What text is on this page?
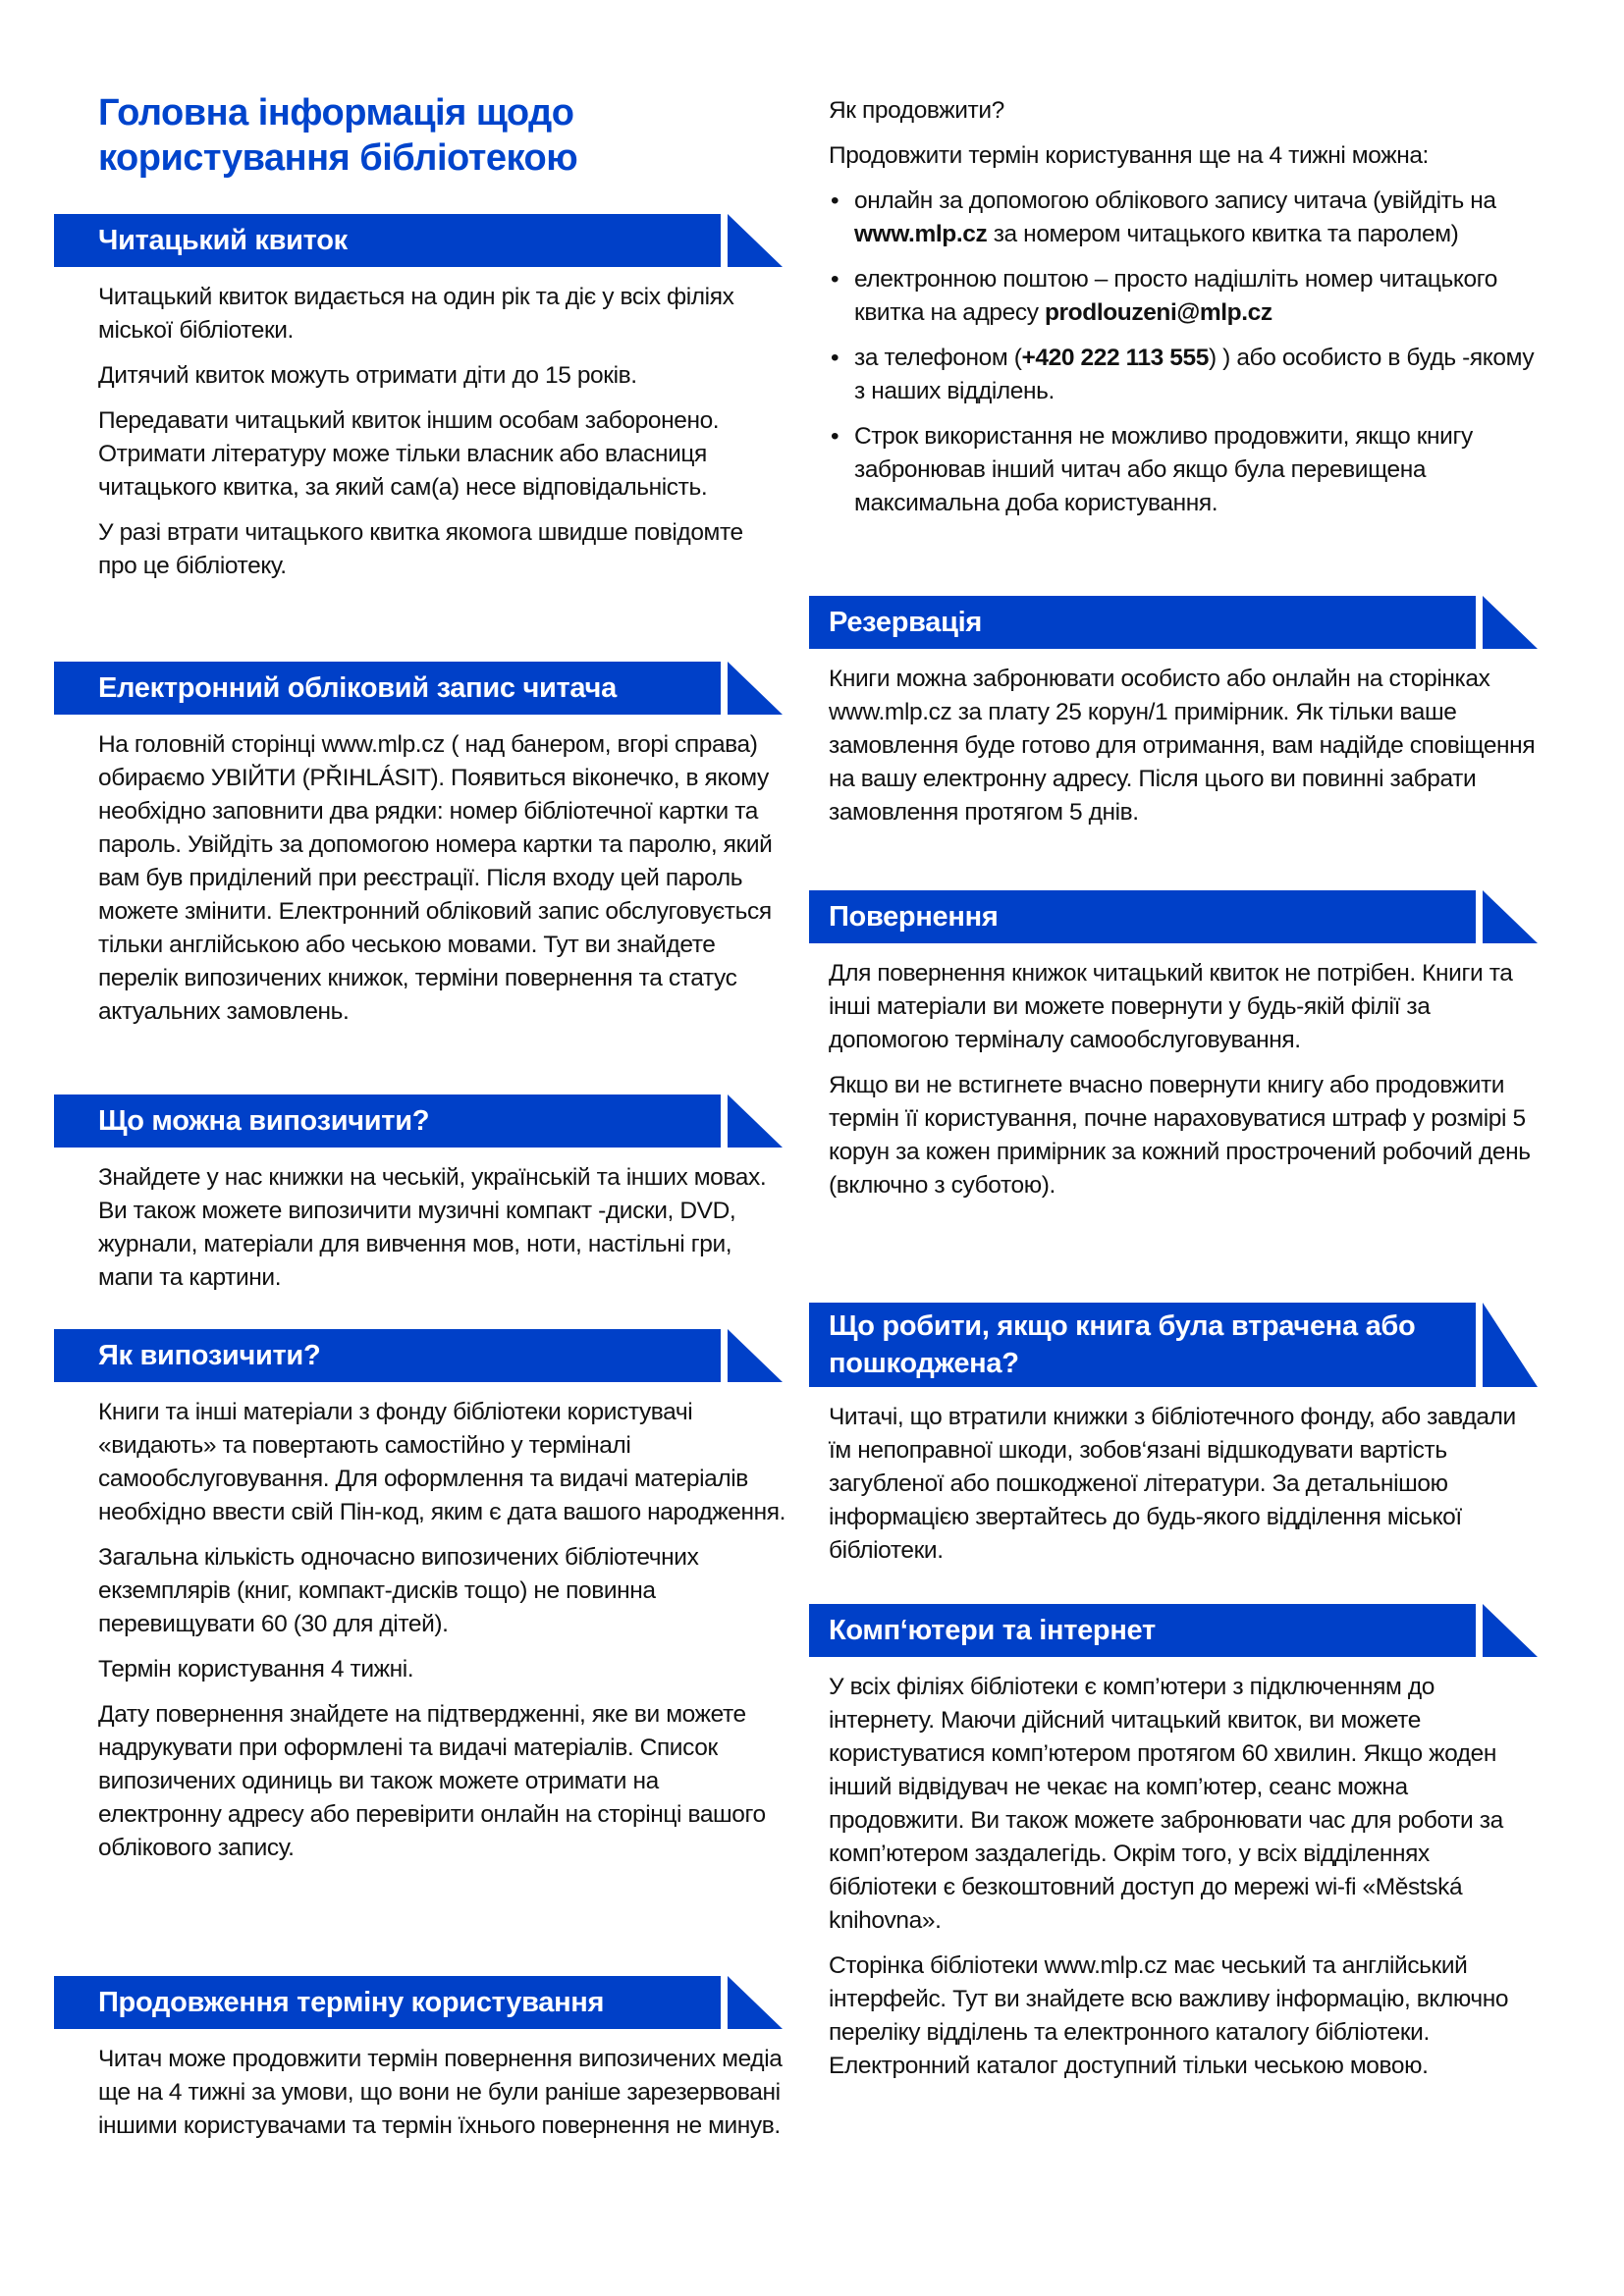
Головна інформація щодо
користування бібліотекою
Читацький квиток

Читацький квиток видається на один рік та діє у всіх філіях міської бібліотеки.

Дитячий квиток можуть отримати діти до 15 років.

Передавати читацький квиток іншим особам заборонено. Отримати літературу може тільки власник або власниця читацького квитка, за який сам(а) несе відповідальність.

У разі втрати читацького квитка якомога швидше повідомте про це бібліотеку.

Електронний обліковий запис читача

На головній сторінці www.mlp.cz ( над банером, вгорі справа) обираємо УВІЙТИ (PŘIHLÁSIT). Появиться віконечко, в якому необхідно заповнити два рядки: номер бібліотечної картки та пароль. Увійдіть за допомогою номера картки та паролю, який вам був приділений при реєстрації. Після входу цей пароль можете змінити. Електронний обліковий запис обслуговується тільки англійською або чеською мовами. Тут ви знайдете перелік випозичених книжок, терміни повернення та статус актуальних замовлень.

Що можна випозичити?

Знайдете у нас книжки на чеській, українській та інших мовах. Ви також можете випозичити музичні компакт -диски, DVD, журнали, матеріали для вивчення мов, ноти, настільні гри, мапи та картини.

Як випозичити?

Книги та інші матеріали з фонду бібліотеки користувачі «видають» та повертають самостійно у терміналі самообслуговування. Для оформлення та видачі матеріалів необхідно ввести свій Пін-код, яким є дата вашого народження.

Загальна кількість одночасно випозичених бібліотечних екземплярів (книг, компакт-дисків тощо) не повинна перевищувати 60 (30 для дітей).

Термін користування 4 тижні.

Дату повернення знайдете на підтвердженні, яке ви можете надрукувати при оформлені та видачі матеріалів. Список випозичених одиниць ви також можете отримати на електронну адресу або перевірити онлайн на сторінці вашого облікового запису.

Продовження терміну користування

Читач може продовжити термін повернення випозичених медіа ще на 4 тижні за умови, що вони не були раніше зарезервовані іншими користувачами та термін їхнього повернення не минув.

Як продовжити?

Продовжити термін користування ще на 4 тижні можна:

• онлайн за допомогою облікового запису читача (увійдіть на www.mlp.cz за номером читацького квитка та паролем)
• електронною поштою – просто надішліть номер читацького квитка на адресу prodlouzeni@mlp.cz
• за телефоном (+420 222 113 555) ) або особисто в будь -якому з наших відділень.
• Строк використання не можливо продовжити, якщо книгу забронював інший читач або якщо була перевищена максимальна доба користування.
Резервація

Книги можна забронювати особисто або онлайн на сторінках www.mlp.cz за плату 25 корун/1 примірник. Як тільки ваше замовлення буде готово для отримання, вам надійде сповіщення на вашу електронну адресу. Після цього ви повинні забрати замовлення протягом 5 днів.

Повернення

Для повернення книжок читацький квиток не потрібен. Книги та інші матеріали ви можете повернути у будь-якій філії за допомогою терміналу самообслуговування.

Якщо ви не встигнете вчасно повернути книгу або продовжити термін її користування, почне нараховуватися штраф у розмірі 5 корун за кожен примірник за кожний прострочений робочий день (включно з суботою).

Що робити, якщо книга була втрачена або пошкоджена?

Читачі, що втратили книжки з бібліотечного фонду, або завдали їм непоправної шкоди, зобов‘язані відшкодувати вартість загубленої або пошкодженої літератури. За детальнішою інформацією звертайтесь до будь-якого відділення міської бібліотеки.

Комп‘ютери та інтернет

У всіх філіях бібліотеки є комп’ютери з підключенням до інтернету. Маючи дійсний читацький квиток, ви можете користуватися комп’ютером протягом 60 хвилин. Якщо жоден інший відвідувач не чекає на комп’ютер, сеанс можна продовжити. Ви також можете забронювати час для роботи за комп’ютером заздалегідь. Окрім того, у всіх відділеннях бібліотеки є безкоштовний доступ до мережі wi-fi «Městská knihovna».

Сторінка бібліотеки www.mlp.cz має чеський та англійський інтерфейс. Тут ви знайдете всю важливу інформацію, включно переліку відділень та електронного каталогу бібліотеки. Електронний каталог доступний тільки чеською мовою.
